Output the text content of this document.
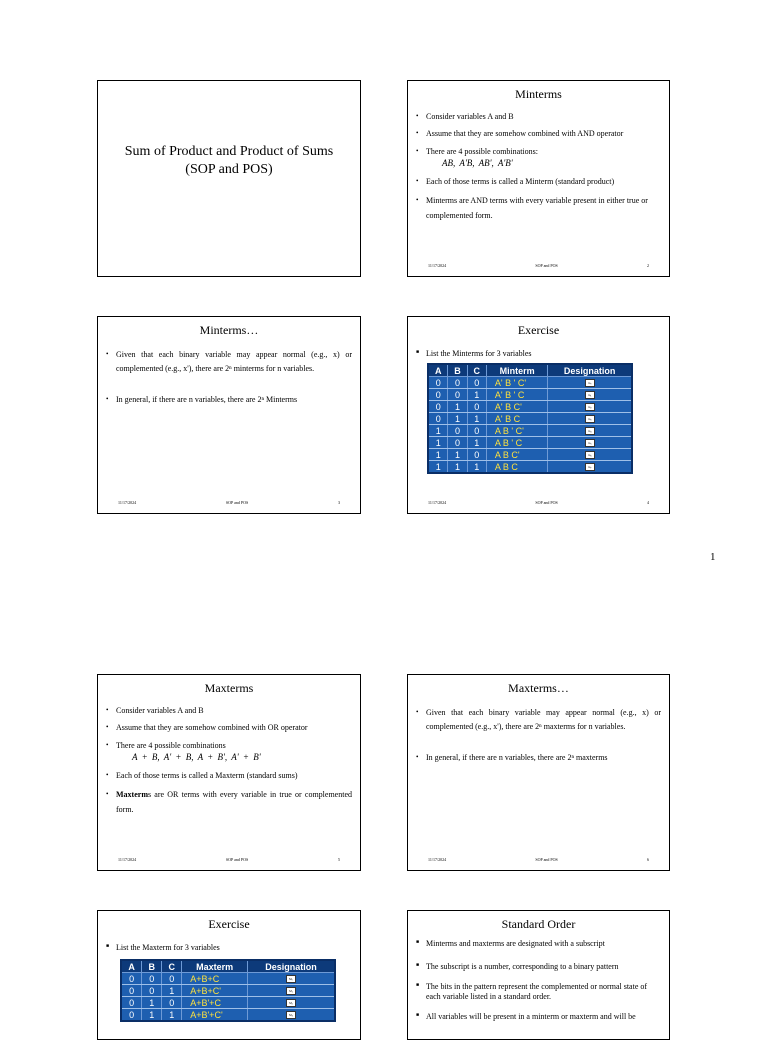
Sum of Product and Product of Sums
(SOP and POS)
Minterms
• Consider variables A and B
• Assume that they are somehow combined with AND operator
• There are 4 possible combinations:
AB, A'B, AB', A'B'
• Each of those terms is called a Minterm (standard product)
• Minterms are AND terms with every variable present in either true or complemented form.
11/17/2024	SOP and POS	2
Minterms…
• Given that each binary variable may appear normal (e.g., x) or complemented (e.g., x'), there are 2ⁿ minterms for n variables.
• In general, if there are n variables, there are 2ⁿ Minterms
11/17/2024	SOP and POS	3
Exercise
■ List the Minterms for 3 variables
A	B	C	Minterm	Designation
0	0	0	A' B ' C'	m₀
0	0	1	A' B ' C	m₁
0	1	0	A' B C'	m₂
0	1	1	A' B C	m₃
1	0	0	A B ' C'	m₄
1	0	1	A B ' C	m₅
1	1	0	A B C'	m₆
1	1	1	A B C	m₇
11/17/2024	SOP and POS	4
1
Maxterms
• Consider variables A and B
• Assume that they are somehow combined with OR operator
• There are 4 possible combinations
A + B, A' + B, A + B', A' + B'
• Each of those terms is called a Maxterm (standard sums)
• Maxterms are OR terms with every variable in true or complemented form.
11/17/2024	SOP and POS	5
Maxterms…
• Given that each binary variable may appear normal (e.g., x) or complemented (e.g., x'), there are 2ⁿ maxterms for n variables.
• In general, if there are n variables, there are 2ⁿ maxterms
11/17/2024	SOP and POS	6
Exercise
■ List the Maxterm for 3 variables
A	B	C	Maxterm	Designation
0	0	0	A+B+C	M₀
0	0	1	A+B+C'	M₁
0	1	0	A+B'+C	M₂
0	1	1	A+B'+C'	M₃
Standard Order
■ Minterms and maxterms are designated with a subscript
■ The subscript is a number, corresponding to a binary pattern
■ The bits in the pattern represent the complemented or normal state of each variable listed in a standard order.
■ All variables will be present in a minterm or maxterm and will be
